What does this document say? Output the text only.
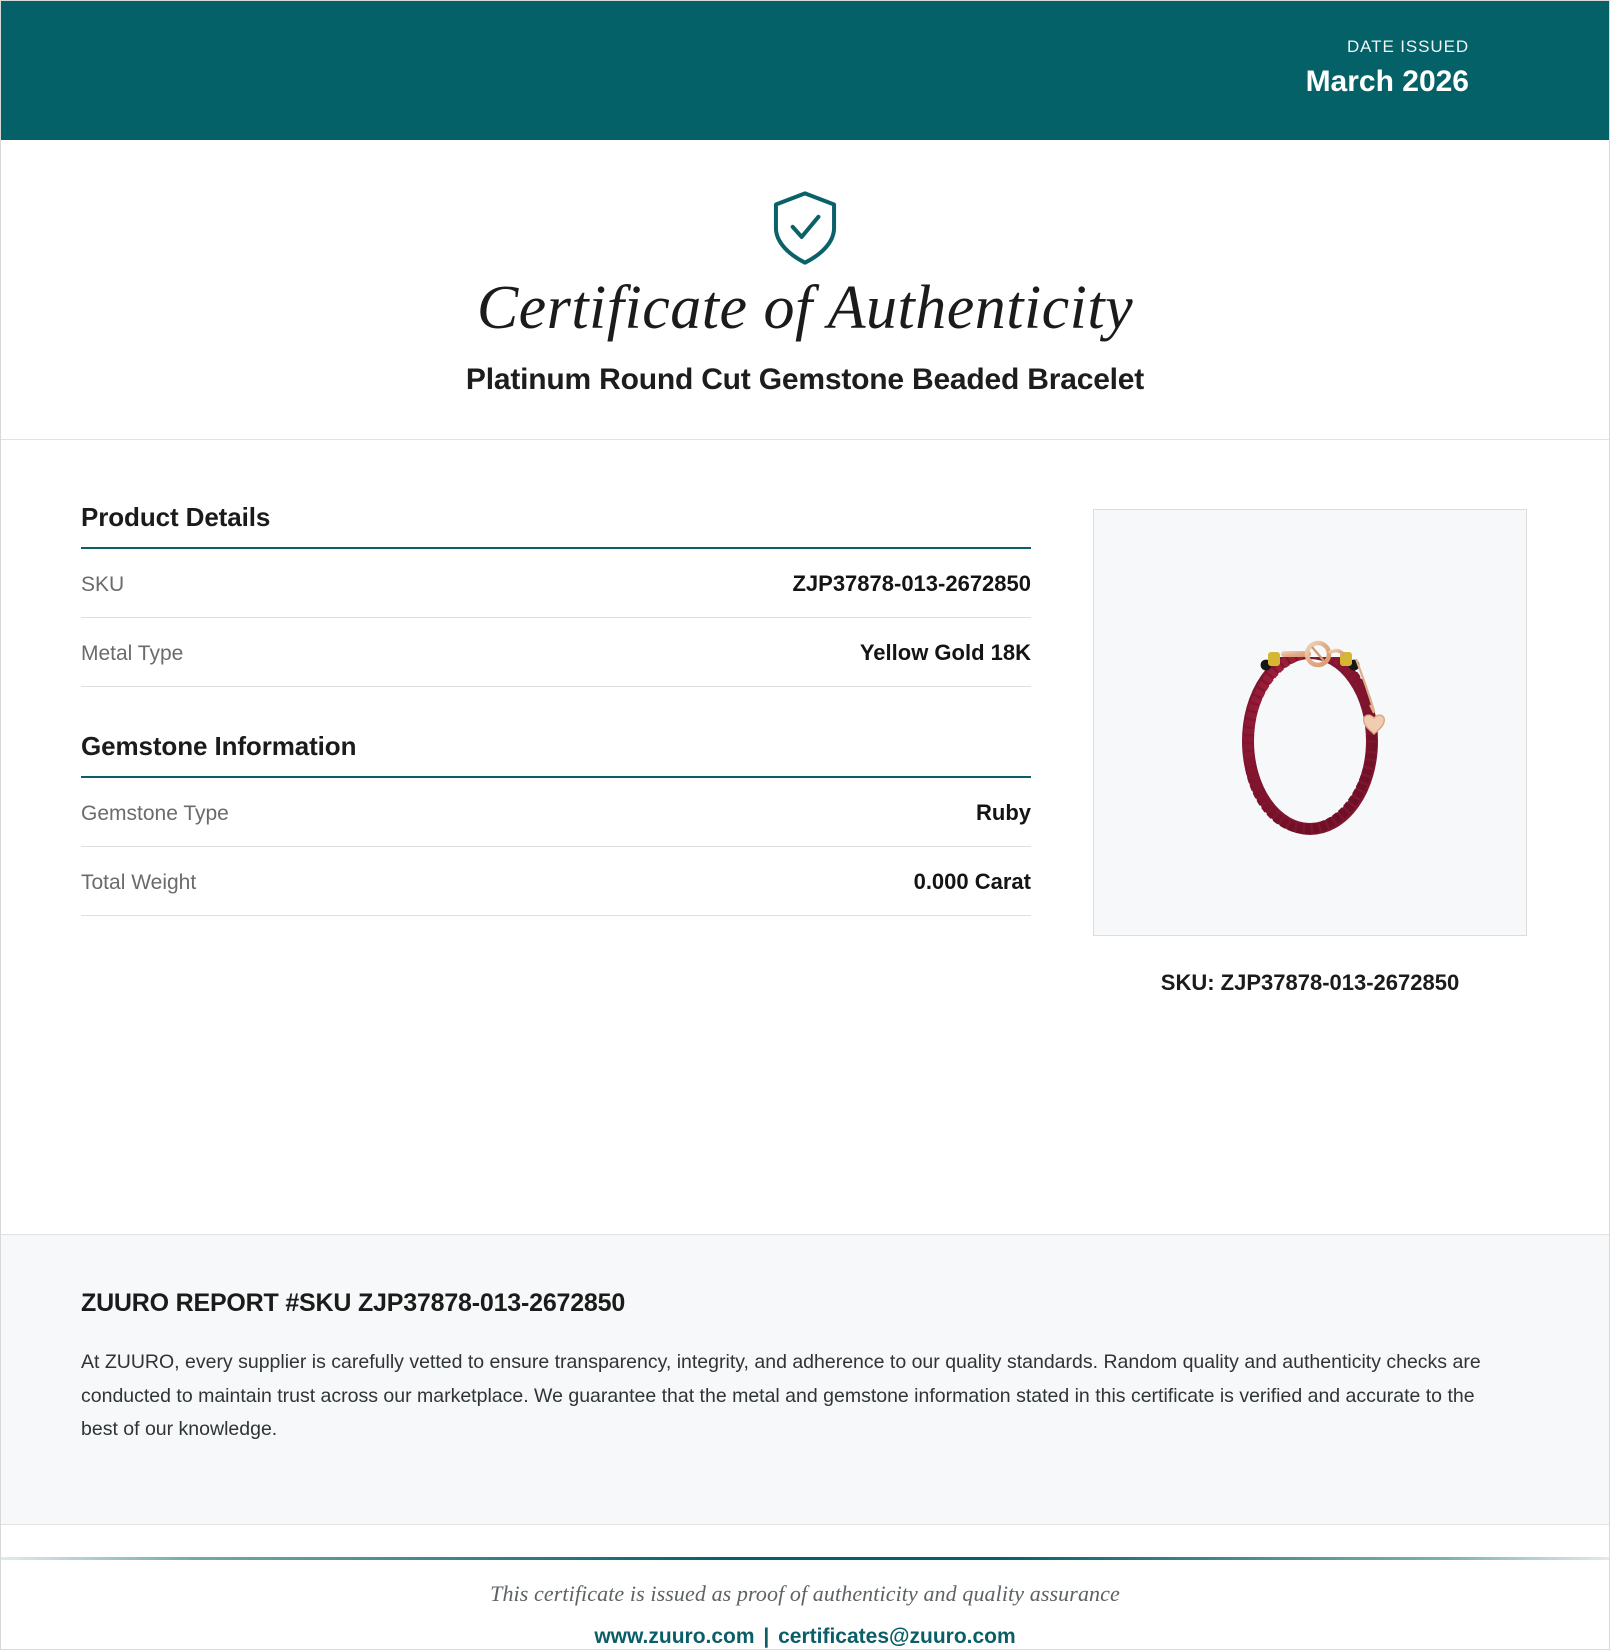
DATE ISSUED
March 2026
Certificate of Authenticity
Platinum Round Cut Gemstone Beaded Bracelet
Product Details
SKU	ZJP37878-013-2672850
Metal Type	Yellow Gold 18K
Gemstone Information
Gemstone Type	Ruby
Total Weight	0.000 Carat
SKU: ZJP37878-013-2672850
ZUURO REPORT #SKU ZJP37878-013-2672850
At ZUURO, every supplier is carefully vetted to ensure transparency, integrity, and adherence to our quality standards. Random quality and authenticity checks are conducted to maintain trust across our marketplace. We guarantee that the metal and gemstone information stated in this certificate is verified and accurate to the best of our knowledge.
This certificate is issued as proof of authenticity and quality assurance
www.zuuro.com | certificates@zuuro.com
